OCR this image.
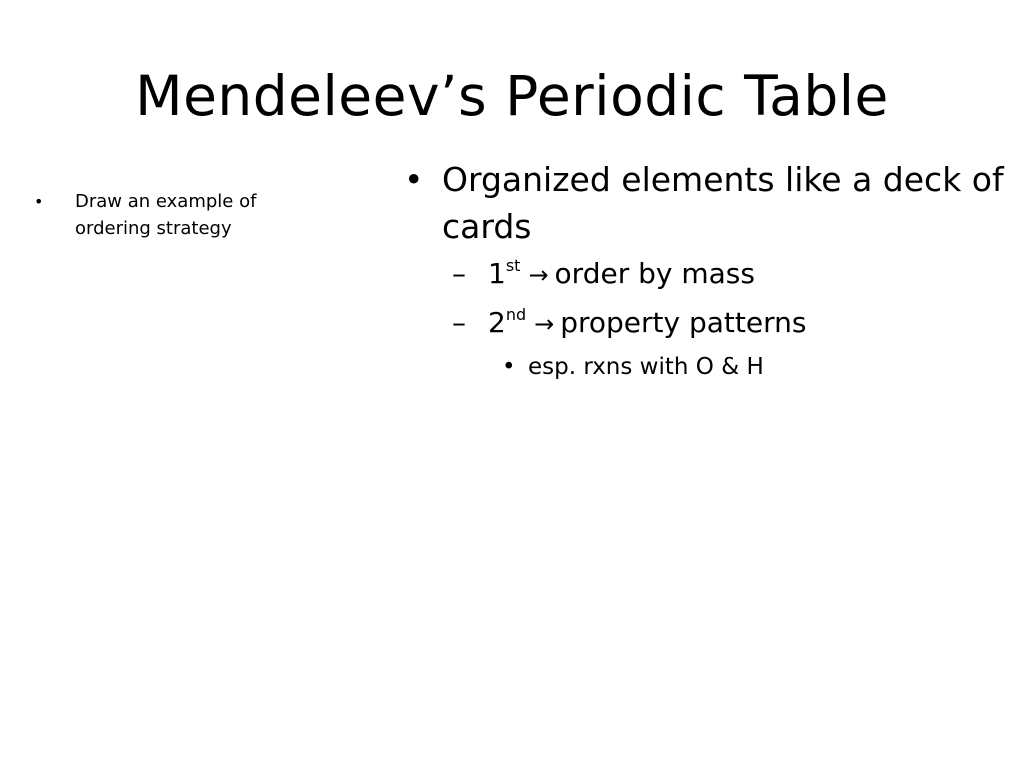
Mendeleev’s Periodic Table
•	Draw an example of ordering strategy
• Organized elements like a deck of cards
– 1st → order by mass
– 2nd → property patterns
• esp. rxns with O & H
